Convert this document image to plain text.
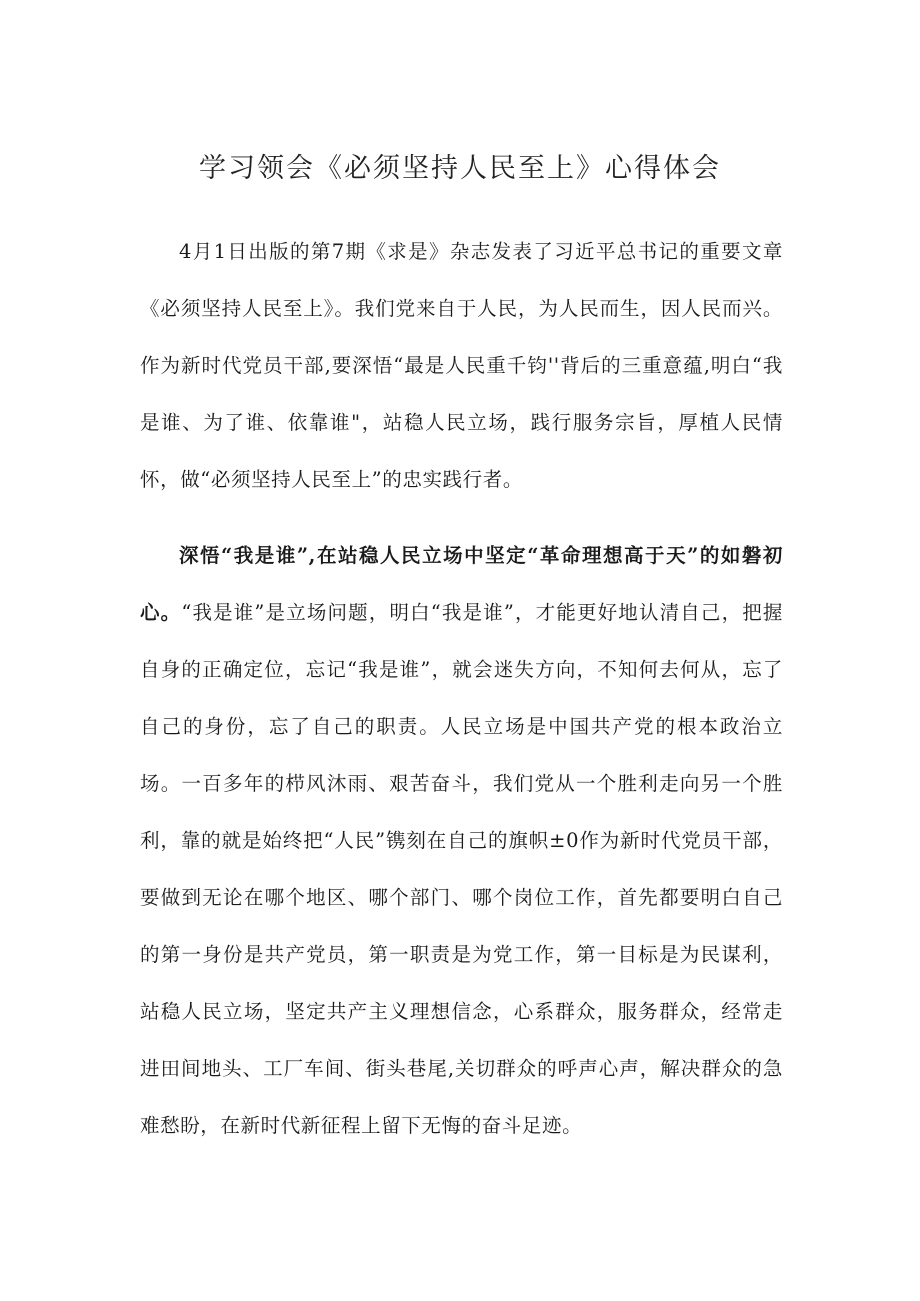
学习领会《必须坚持人民至上》心得体会

4月1日出版的第7期《求是》杂志发表了习近平总书记的重要文章《必须坚持人民至上》。我们党来自于人民，为人民而生，因人民而兴。作为新时代党员干部,要深悟“最是人民重千钧''背后的三重意蕴,明白“我是谁、为了谁、依靠谁"，站稳人民立场，践行服务宗旨，厚植人民情怀，做“必须坚持人民至上”的忠实践行者。

深悟“我是谁”,在站稳人民立场中坚定“革命理想高于天”的如磐初心。“我是谁”是立场问题，明白“我是谁”，才能更好地认清自己，把握自身的正确定位，忘记“我是谁”，就会迷失方向，不知何去何从，忘了自己的身份，忘了自己的职责。人民立场是中国共产党的根本政治立场。一百多年的栉风沐雨、艰苦奋斗，我们党从一个胜利走向另一个胜利，靠的就是始终把“人民”镌刻在自己的旗帜±0作为新时代党员干部，要做到无论在哪个地区、哪个部门、哪个岗位工作，首先都要明白自己的第一身份是共产党员，第一职责是为党工作，第一目标是为民谋利，站稳人民立场，坚定共产主义理想信念，心系群众，服务群众，经常走进田间地头、工厂车间、街头巷尾,关切群众的呼声心声，解决群众的急难愁盼，在新时代新征程上留下无悔的奋斗足迹。
